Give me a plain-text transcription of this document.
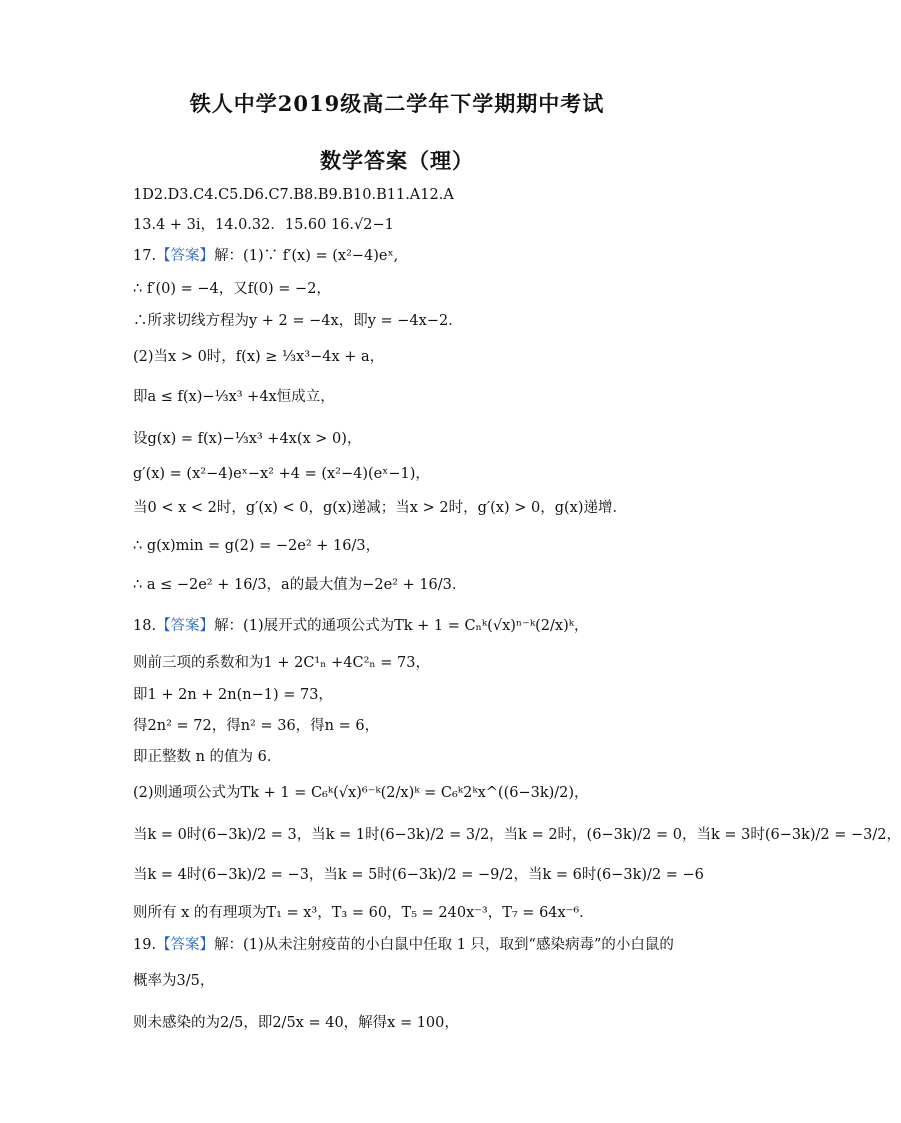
铁人中学2019级高二学年下学期期中考试
数学答案（理）
1D2.D3.C4.C5.D6.C7.B8.B9.B10.B11.A12.A
13.4 + 3i，14.0.32．15.60 16.√2−1
17.【答案】解：(1)∵ f′(x) = (x²−4)eˣ,
∴ f′(0) = −4，又f(0) = −2，
∴所求切线方程为y + 2 = −4x，即y = −4x−2．
(2)当x > 0时，f(x) ≥ ⅓x³−4x + a，
即a ≤ f(x)−⅓x³ +4x恒成立，
设g(x) = f(x)−⅓x³ +4x(x > 0)，
g′(x) = (x²−4)eˣ−x² +4 = (x²−4)(eˣ−1)，
当0 < x < 2时，g′(x) < 0，g(x)递减；当x > 2时，g′(x) > 0，g(x)递增．
∴ g(x)min = g(2) = −2e² + 16/3，
∴ a ≤ −2e² + 16/3，a的最大值为−2e² + 16/3．
18.【答案】解：(1)展开式的通项公式为Tk + 1 = Cₙᵏ(√x)ⁿ⁻ᵏ(2/x)ᵏ，
则前三项的系数和为1 + 2C¹ₙ +4C²ₙ = 73，
即1 + 2n + 2n(n−1) = 73，
得2n² = 72，得n² = 36，得n = 6，
即正整数 n 的值为 6．
(2)则通项公式为Tk + 1 = C₆ᵏ(√x)⁶⁻ᵏ(2/x)ᵏ = C₆ᵏ2ᵏx^((6−3k)/2)，
当k = 0时(6−3k)/2 = 3，当k = 1时(6−3k)/2 = 3/2，当k = 2时，(6−3k)/2 = 0，当k = 3时(6−3k)/2 = −3/2，
当k = 4时(6−3k)/2 = −3，当k = 5时(6−3k)/2 = −9/2，当k = 6时(6−3k)/2 = −6
则所有 x 的有理项为T₁ = x³，T₃ = 60，T₅ = 240x⁻³，T₇ = 64x⁻⁶．
19.【答案】解：(1)从未注射疫苗的小白鼠中任取 1 只，取到“感染病毒”的小白鼠的
概率为3/5，
则未感染的为2/5，即2/5x = 40，解得x = 100，
